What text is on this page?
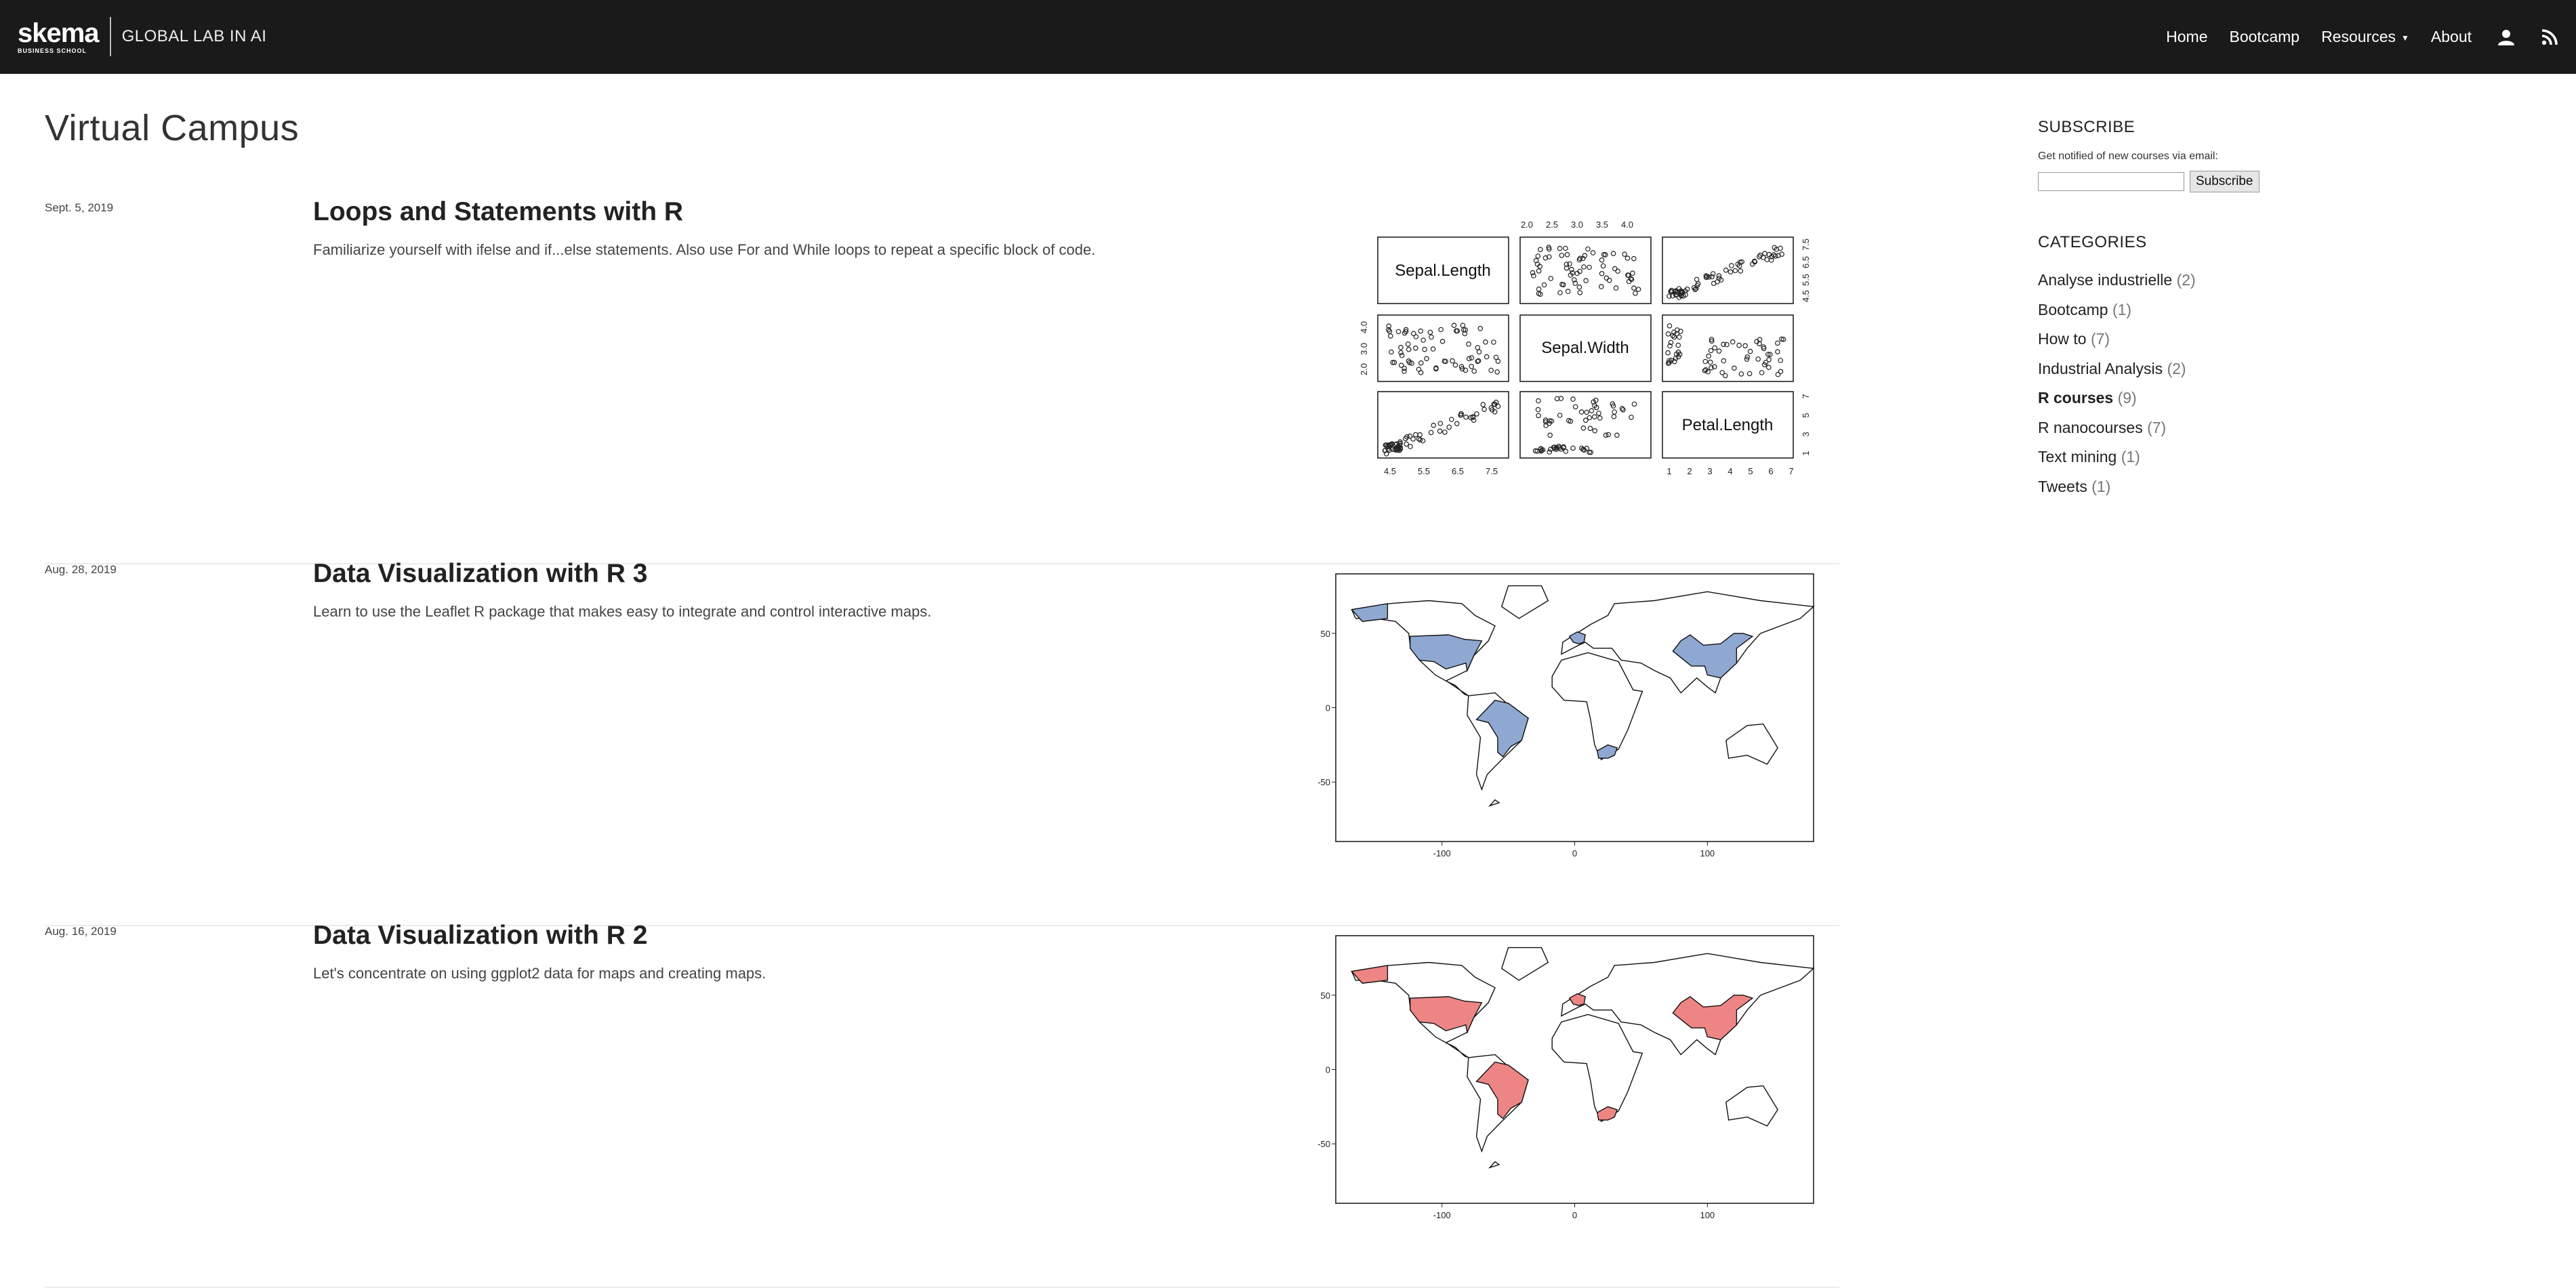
skema
BUSINESS SCHOOL
GLOBAL LAB IN AI	Home Bootcamp Resources ▼ About
Virtual Campus
Sept. 5, 2019	Loops and Statements with R

Familiarize yourself with ifelse and if...else statements. Also use For and While loops to repeat a specific block of code.

Sepal.Length
Sepal.Width
Petal.Length
2.0 2.5 3.0 3.5 4.0
4.5 5.5 6.5 7.5	1 2 3 4 5 6 7
2.0
3.0
4.0
4.5
5.5
6.5
7.5
1
3
5
7
Aug. 28, 2019	Data Visualization with R 3

Learn to use the Leaflet R package that makes easy to integrate and control interactive maps.

50
0
-50
-100	0	100
Aug. 16, 2019	Data Visualization with R 2

Let's concentrate on using ggplot2 data for maps and creating maps.

50
0
-50
-100	0	100
SUBSCRIBE
Get notified of new courses via email:
Subscribe
CATEGORIES
Analyse industrielle (2)
Bootcamp (1)
How to (7)
Industrial Analysis (2)
R courses (9)
R nanocourses (7)
Text mining (1)
Tweets (1)
